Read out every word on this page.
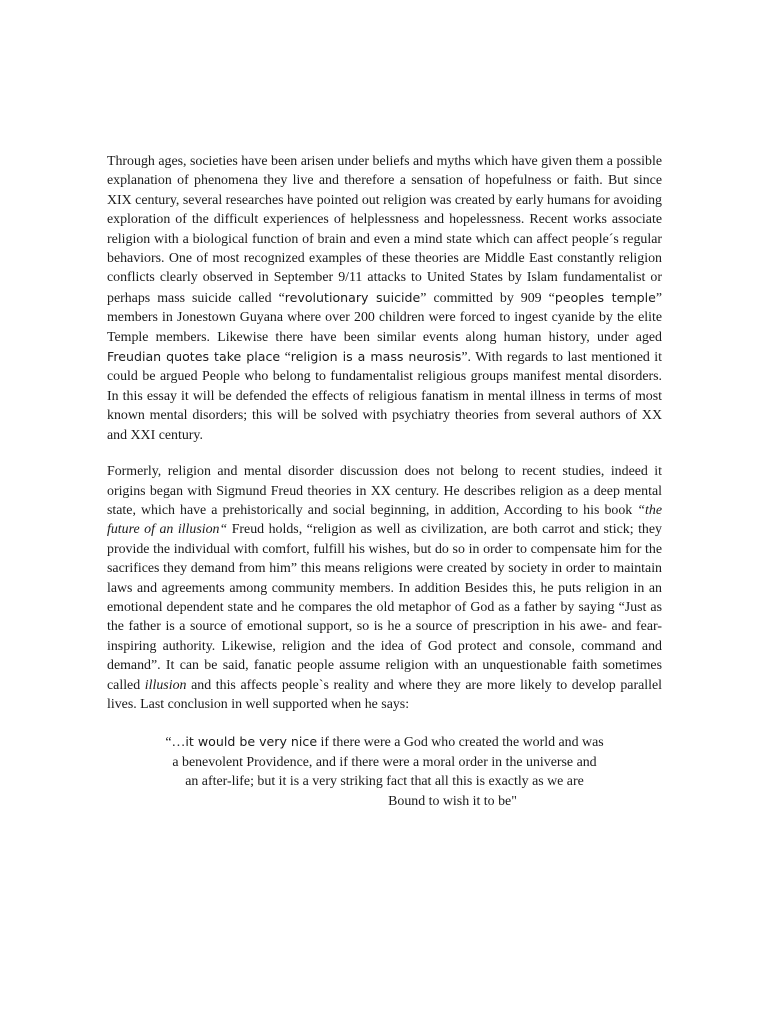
Through ages, societies have been arisen under beliefs and myths which have given them a possible explanation of phenomena they live and therefore a sensation of hopefulness or faith. But since XIX century, several researches have pointed out religion was created by early humans for avoiding exploration of the difficult experiences of helplessness and hopelessness. Recent works associate religion with a biological function of brain and even a mind state which can affect people´s regular behaviors. One of most recognized examples of these theories are Middle East constantly religion conflicts clearly observed in September 9/11 attacks to United States by Islam fundamentalist or perhaps mass suicide called “revolutionary suicide” committed by 909 “peoples temple” members in Jonestown Guyana where over 200 children were forced to ingest cyanide by the elite Temple members. Likewise there have been similar events along human history, under aged Freudian quotes take place “religion is a mass neurosis”. With regards to last mentioned it could be argued People who belong to fundamentalist religious groups manifest mental disorders. In this essay it will be defended the effects of religious fanatism in mental illness in terms of most known mental disorders; this will be solved with psychiatry theories from several authors of XX and XXI century.

Formerly, religion and mental disorder discussion does not belong to recent studies, indeed it origins began with Sigmund Freud theories in XX century. He describes religion as a deep mental state, which have a prehistorically and social beginning, in addition, According to his book “the future of an illusion“ Freud holds, “religion as well as civilization, are both carrot and stick; they provide the individual with comfort, fulfill his wishes, but do so in order to compensate him for the sacrifices they demand from him” this means religions were created by society in order to maintain laws and agreements among community members. In addition Besides this, he puts religion in an emotional dependent state and he compares the old metaphor of God as a father by saying “Just as the father is a source of emotional support, so is he a source of prescription in his awe- and fear-inspiring authority. Likewise, religion and the idea of God protect and console, command and demand”. It can be said, fanatic people assume religion with an unquestionable faith sometimes called illusion and this affects people`s reality and where they are more likely to develop parallel lives. Last conclusion in well supported when he says:

“…it would be very nice if there were a God who created the world and was
a benevolent Providence, and if there were a moral order in the universe and
an after-life; but it is a very striking fact that all this is exactly as we are
Bound to wish it to be"
